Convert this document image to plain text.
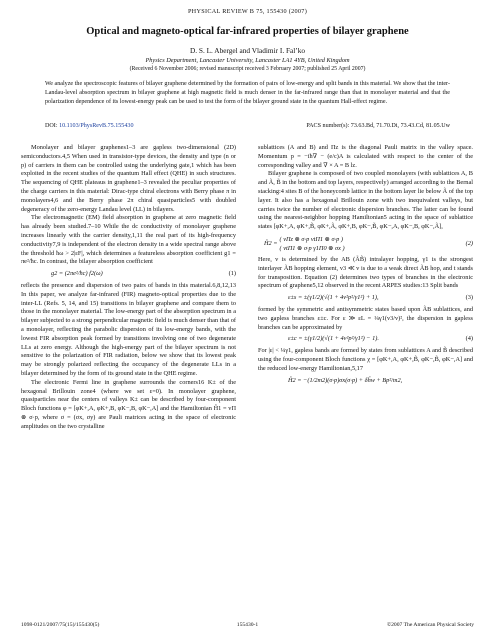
PHYSICAL REVIEW B 75, 155430 (2007)
Optical and magneto-optical far-infrared properties of bilayer graphene
D. S. L. Abergel and Vladimir I. Fal’ko
Physics Department, Lancaster University, Lancaster LA1 4YB, United Kingdom
(Received 6 November 2006; revised manuscript received 3 February 2007; published 25 April 2007)
We analyze the spectroscopic features of bilayer graphene determined by the formation of pairs of low-energy and split bands in this material. We show that the inter-Landau-level absorption spectrum in bilayer graphene at high magnetic field is much denser in the far-infrared range than that in monolayer material and that the polarization dependence of its lowest-energy peak can be used to test the form of the bilayer ground state in the quantum Hall-effect regime.
DOI: 10.1103/PhysRevB.75.155430	PACS number(s): 73.63.Bd, 71.70.Di, 73.43.Cd, 81.05.Uw

Monolayer and bilayer graphenes1–3 are gapless two-dimensional (2D) semiconductors.4,5 When used in transistor-type devices, the density and type (n or p) of carriers in them can be controlled using the underlying gate,1 which has been exploited in the recent studies of the quantum Hall effect (QHE) in such structures. The sequencing of QHE plateaus in graphene1–3 revealed the peculiar properties of the charge carriers in this material: Dirac-type chiral electrons with Berry phase π in monolayers4,6 and the Berry phase 2π chiral quasiparticles5 with doubled degeneracy of the zero-energy Landau level (LL) in bilayers.

The electromagnetic (EM) field absorption in graphene at zero magnetic field has already been studied.7–10 While the dc conductivity of monolayer graphene increases linearly with the carrier density,1,11 the real part of its high-frequency conductivity7,9 is independent of the electron density in a wide spectral range above the threshold ħω > 2|εF|, which determines a featureless absorption coefficient g1 = πe²/ħc. In contrast, the bilayer absorption coefficient

g2 = (2πe²/ħc) f2(ω)	(1)

reflects the presence and dispersion of two pairs of bands in this material.6,8,12,13 In this paper, we analyze far-infrared (FIR) magneto-optical properties due to the inter-LL (Refs. 5, 14, and 15) transitions in bilayer graphene and compare them to those in the monolayer material. The low-energy part of the absorption spectrum in a bilayer subjected to a strong perpendicular magnetic field is much denser than that of a monolayer, reflecting the parabolic dispersion of its low-energy bands, with the lowest FIR absorption peak formed by transitions involving one of two degenerate LLs at zero energy. Although the high-energy part of the bilayer spectrum is not sensitive to the polarization of FIR radiation, below we show that its lowest peak may be strongly polarized reflecting the occupancy of the degenerate LLs in a bilayer determined by the form of its ground state in the QHE regime.

The electronic Fermi line in graphene surrounds the corners16 K± of the hexagonal Brillouin zone4 (where we set ε=0). In monolayer graphene, quasiparticles near the centers of valleys K± can be described by four-component Bloch functions φ = [φK+,A, φK+,B, φK−,B, φK−,A] and the Hamiltonian Ĥ1 = vΠ ⊗ σ·p, where σ = (σx, σy) are Pauli matrices acting in the space of electronic amplitudes on the two crystalline

sublattices (A and B) and Πz is the diagonal Pauli matrix in the valley space. Momentum p = −iħ∇ − (e/c)A is calculated with respect to the center of the corresponding valley and ∇ × A = B lz.

Bilayer graphene is composed of two coupled monolayers (with sublattices A, B and Ã, B̃ in the bottom and top layers, respectively) arranged according to the Bernal stacking:4 sites B of the honeycomb lattice in the bottom layer lie below Ã of the top layer. It also has a hexagonal Brillouin zone with two inequivalent valleys, but carries twice the number of electronic dispersion branches. The latter can be found using the nearest-neighbor hopping Hamiltonian5 acting in the space of sublattice states [φK+,A, φK+,B̃, φK+,Ã, φK+,B, φK−,B̃, φK−,A, φK−,B, φK−,Ã],

Ĥ2 =
( vΠz ⊗ σ·p vtΠ1 ⊗ σ·p )
( vtΠ1 ⊗ σ·p γ1Π0 ⊗ σx )
(2)

Here, v is determined by the AB (ÃB̃) intralayer hopping, γ1 is the strongest interlayer ÃB hopping element, v3 ≪ v is due to a weak direct ÃB hop, and t stands for transposition. Equation (2) determines two types of branches in the electronic spectrum of graphene5,12 observed in the recent ARPES studies:13 Split bands

ε±s = ±(γ1/2)(√(1 + 4v²p²/γ1²) + 1),	(3)

formed by the symmetric and antisymmetric states based upon ÃB sublattices, and two gapless branches ε±c. For ε ≫ εL = ¼γ1(v3/v)², the dispersion in gapless branches can be approximated by

ε±c = ±(γ1/2)(√(1 + 4v²p²/γ1²) − 1).	(4)

For |ε| < ¼γ1, gapless bands are formed by states from sublattices A and B̃ described using the four-component Bloch functions χ = [φK+,A, φK+,B̃, φK−,B̃, φK−,A] and the reduced low-energy Hamiltonian,5,17

Ĥ2 = −(1/2m2)(σ·p)σx(σ·p) + δĥw + Bp²/m2,
1098-0121/2007/75(15)/155430(5)	155430-1	©2007 The American Physical Society
